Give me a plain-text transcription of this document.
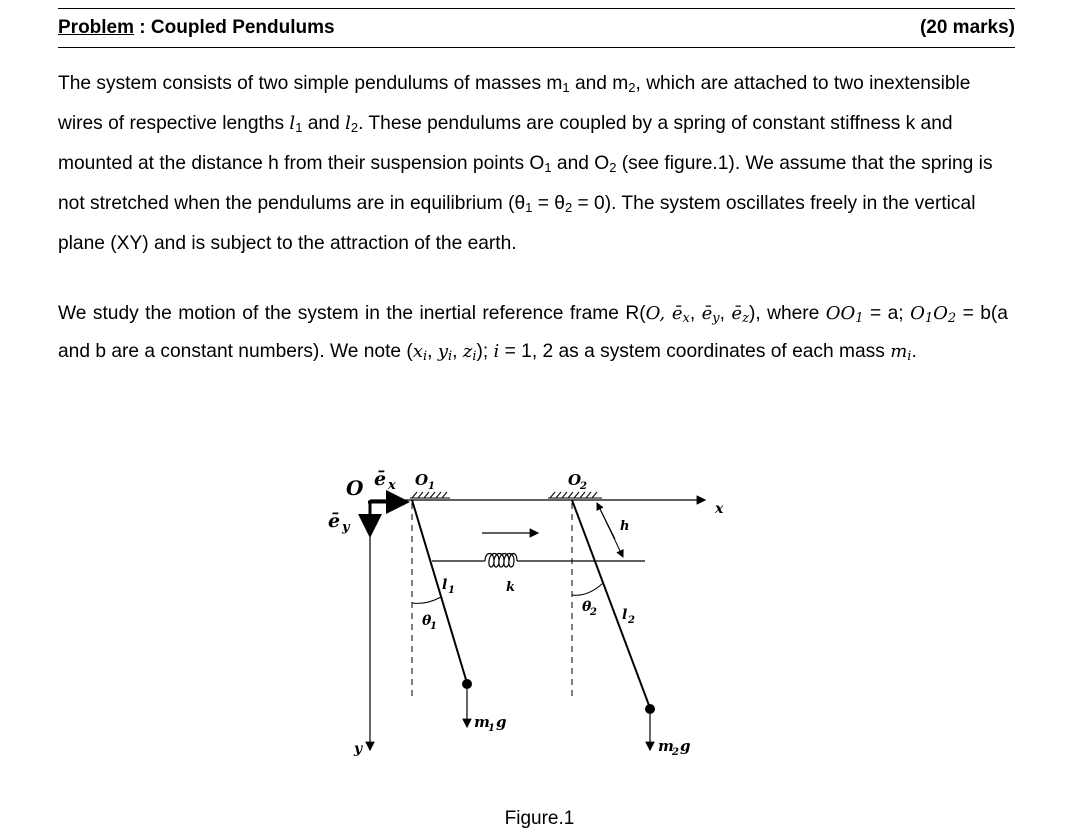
Problem : Coupled Pendulums	(20 marks)
The system consists of two simple pendulums of masses $m_1$ and $m_2$, which are attached to two inextensible wires of respective lengths $l_1$ and $l_2$. These pendulums are coupled by a spring of constant stiffness k and mounted at the distance h from their suspension points $O_1$ and $O_2$ (see figure.1). We assume that the spring is not stretched when the pendulums are in equilibrium $(\theta_1 = \theta_2 = 0)$. The system oscillates freely in the vertical plane (XY) and is subject to the attraction of the earth.
We study the motion of the system in the inertial reference frame R(O, $ē_x$, $ē_y$, $ē_z$), where $OO_1 = a$; $O_1O_2 = b(a$ and b are a constant numbers). We note ($x_i$, $y_i$, $z_i$); i = 1, 2 as a system coordinates of each mass $m_i$.
O
x
y
ē x
ē y
O 1	O
2
m
1 g
m
2 g
k
h
l 1
l 2
θ
1
θ
2
Figure.1
